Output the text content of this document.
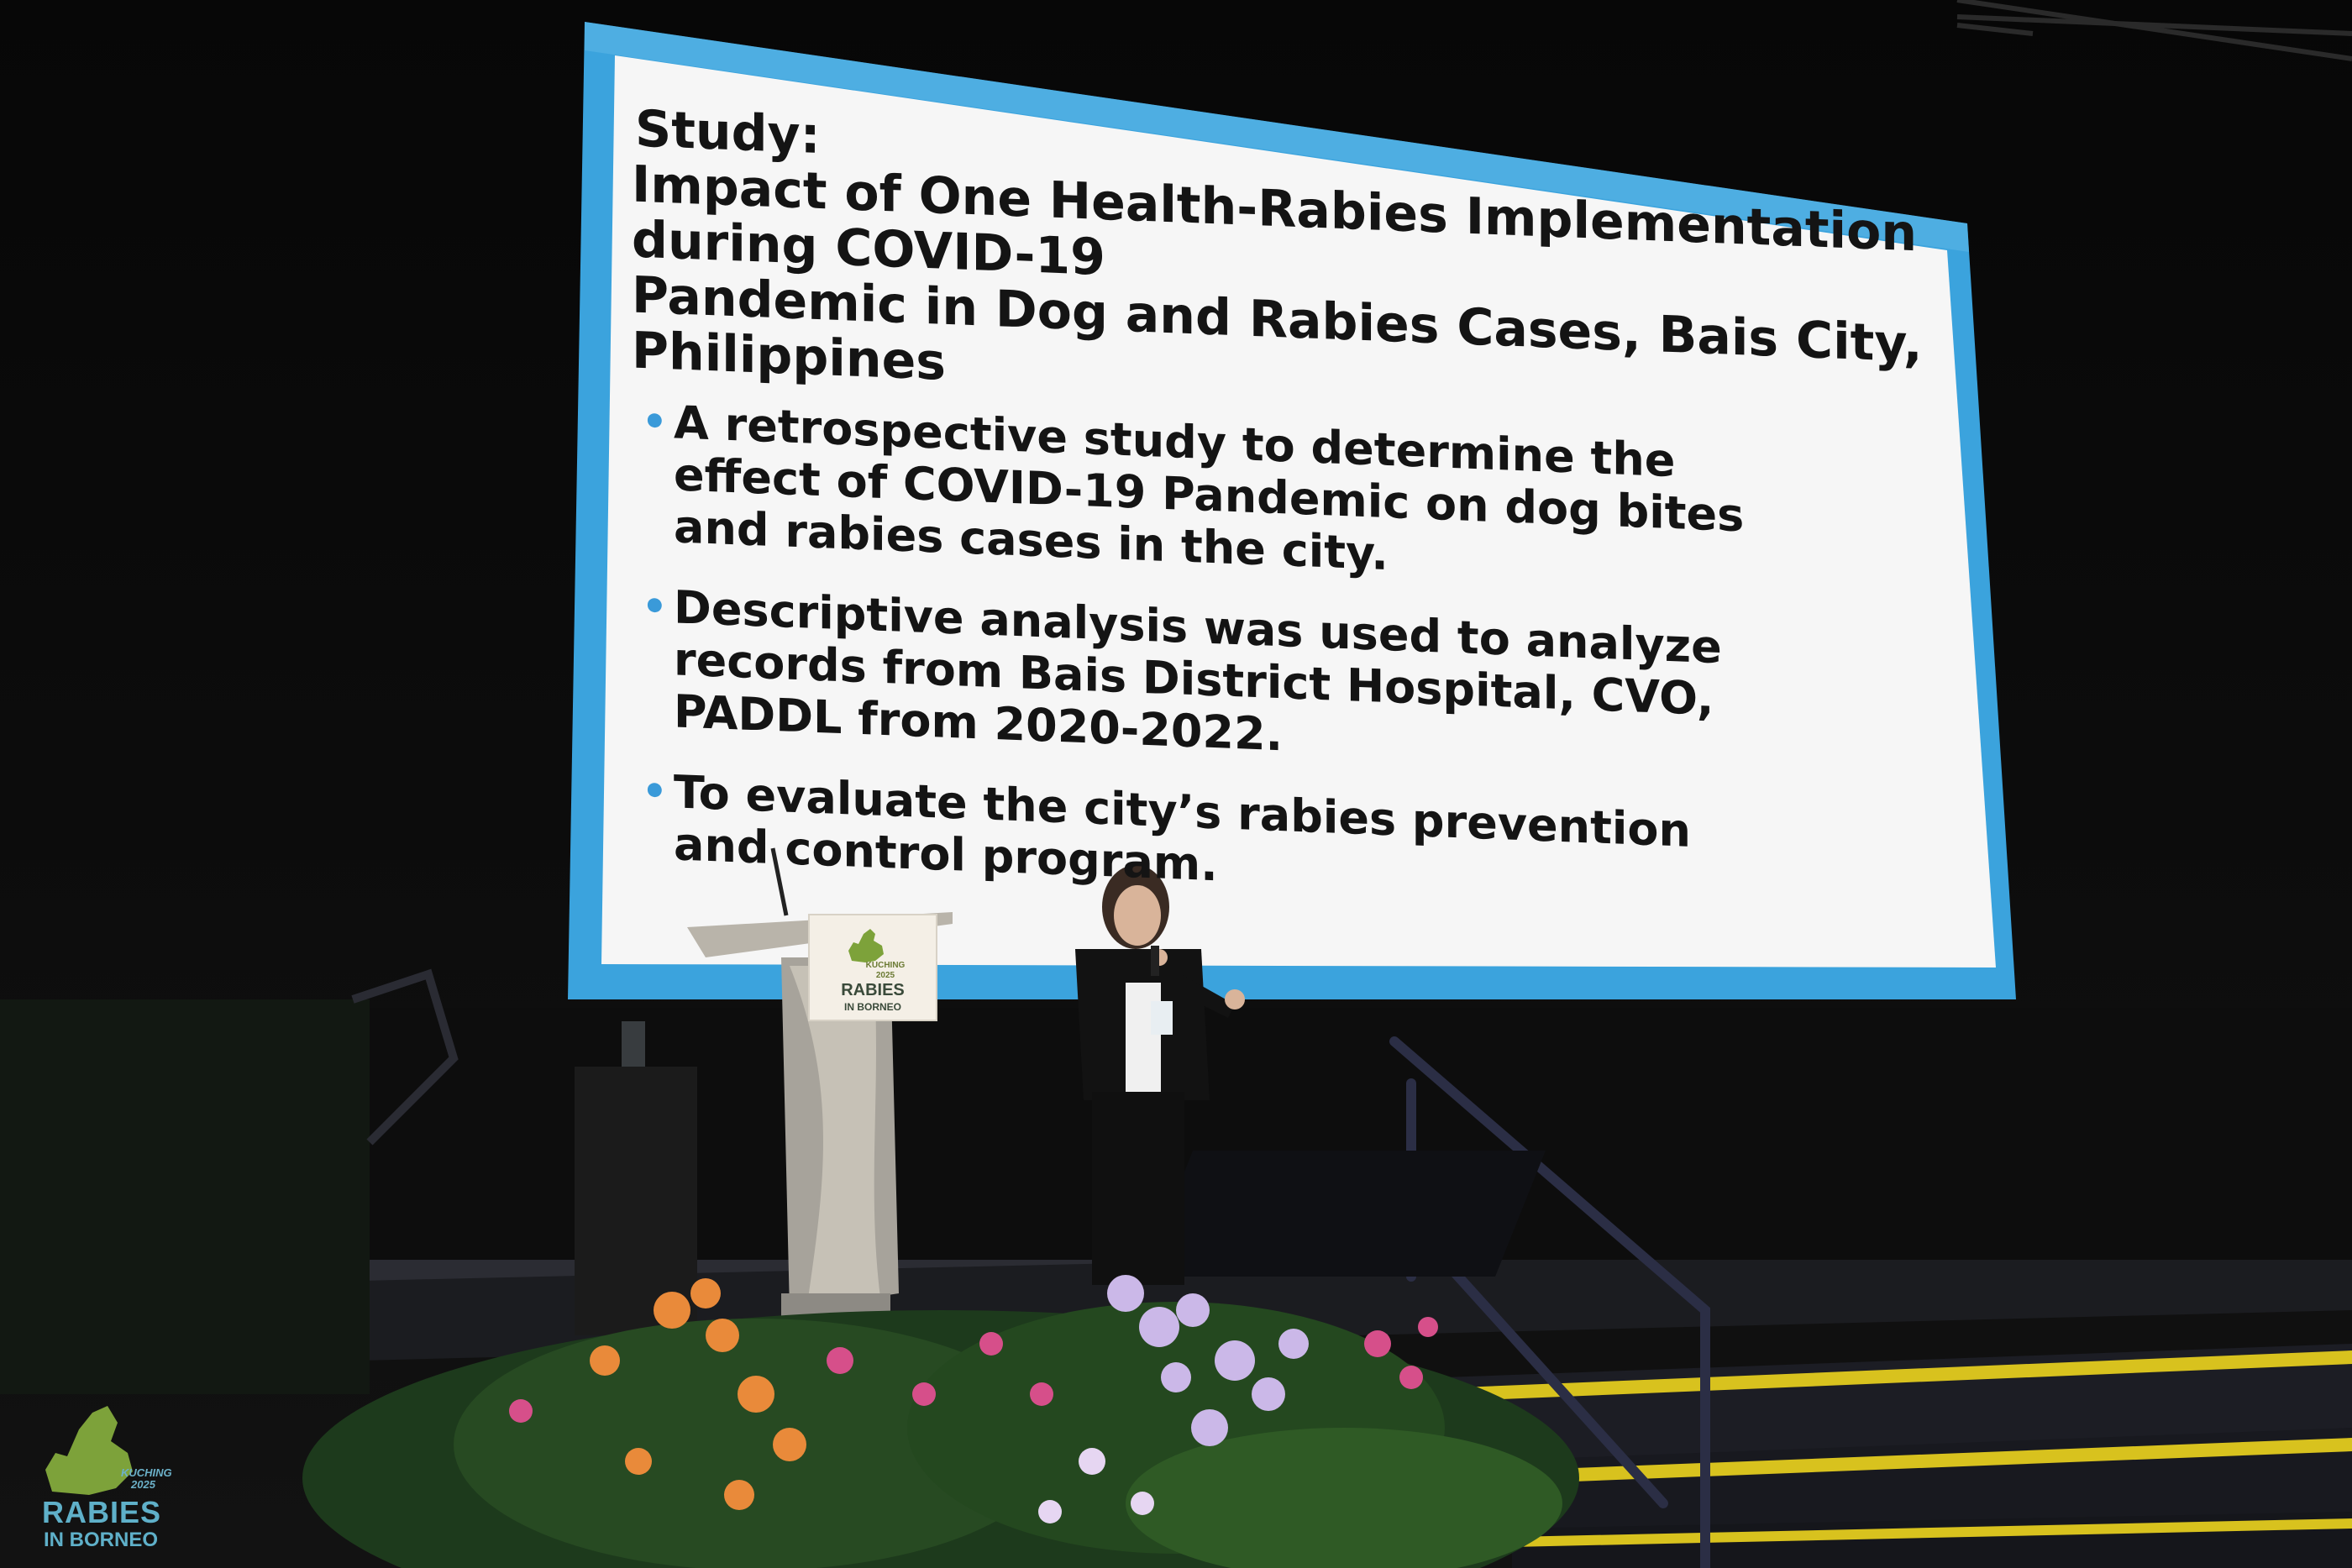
Study:

Impact of One Health-Rabies Implementation during COVID-19

Pandemic in Dog and Rabies Cases, Bais City, Philippines

• A retrospective study to determine the effect of COVID-19 Pandemic on dog bites and rabies cases in the city.
• Descriptive analysis was used to analyze records from Bais District Hospital, CVO, PADDL from 2020-2022.
• To evaluate the city’s rabies prevention and control program.
KUCHING
2025
RABIES
IN BORNEO
KUCHING
2025
RABIES
IN BORNEO
